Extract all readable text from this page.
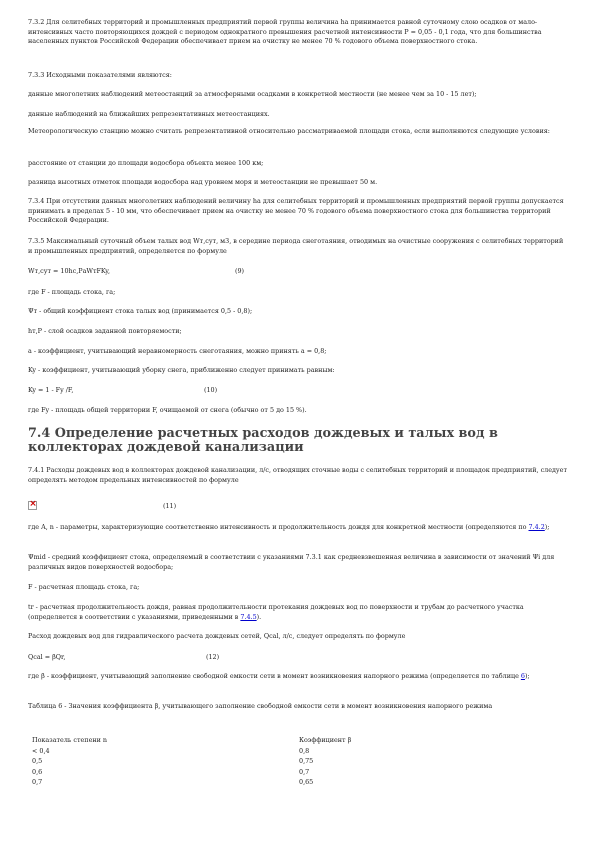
7.3.2 Для селитебных территорий и промышленных предприятий первой группы величина ha принимается равной суточному слою осадков от мало-интенсивных часто повторяющихся дождей с периодом однократного превышения расчетной интенсивности P = 0,05 - 0,1 года, что для большинства населенных пунктов Российской Федерации обеспечивает прием на очистку не менее 70 % годового объема поверхностного стока.

7.3.3 Исходными показателями являются:

данные многолетних наблюдений метеостанций за атмосферными осадками в конкретной местности (не менее чем за 10 - 15 лет);

данные наблюдений на ближайших репрезентативных метеостанциях.

Метеорологическую станцию можно считать репрезентативной относительно рассматриваемой площади стока, если выполняются следующие условия:

расстояние от станции до площади водосбора объекта менее 100 км;

разница высотных отметок площади водосбора над уровнем моря и метеостанции не превышает 50 м.

7.3.4 При отсутствии данных многолетних наблюдений величину ha для селитебных территорий и промышленных предприятий первой группы допускается принимать в пределах 5 - 10 мм, что обеспечивает прием на очистку не менее 70 % годового объема поверхностного стока для большинства территорий Российской Федерации.

7.3.5 Максимальный суточный объем талых вод Wт,сут, м3, в середине периода снеготаяния, отводимых на очистные сооружения с селитебных территорий и промышленных предприятий, определяется по формуле

Wт,сут = 10hc,РaWтFKy,	(9)

где F - площадь стока, га;

Ψт - общий коэффициент стока талых вод (принимается 0,5 - 0,8);

hт,Р - слой осадков заданной повторяемости;

a - коэффициент, учитывающий неравномерность снеготаяния, можно принять a = 0,8;

Ky - коэффициент, учитывающий уборку снега, приближенно следует принимать равным:

Ky = 1 - Fy /F,	(10)

где Fy - площадь общей территории F, очищаемой от снега (обычно от 5 до 15 %).

7.4 Определение расчетных расходов дождевых и талых вод в коллекторах дождевой канализации

7.4.1 Расходы дождевых вод в коллекторах дождевой канализации, л/с, отводящих сточные воды с селитебных территорий и площадок предприятий, следует определять методом предельных интенсивностей по формуле

×
(11)

где A, n - параметры, характеризующие соответственно интенсивность и продолжительность дождя для конкретной местности (определяются по 7.4.2);

Ψmid - средний коэффициент стока, определяемый в соответствии с указаниями 7.3.1 как средневзвешенная величина в зависимости от значений Ψi для различных видов поверхностей водосбора;

F - расчетная площадь стока, га;

tr - расчетная продолжительность дождя, равная продолжительности протекания дождевых вод по поверхности и трубам до расчетного участка (определяется в соответствии с указаниями, приведенными в 7.4.5).

Расход дождевых вод для гидравлического расчета дождевых сетей, Qcal, л/с, следует определять по формуле

Qcal = βQr,	(12)

где β - коэффициент, учитывающий заполнение свободной емкости сети в момент возникновения напорного режима (определяется по таблице 6);

Таблица 6 - Значения коэффициента β, учитывающего заполнение свободной емкости сети в момент возникновения напорного режима

Показатель степени n	Коэффициент β
< 0,4	0,8
0,5	0,75
0,6	0,7
0,7	0,65
